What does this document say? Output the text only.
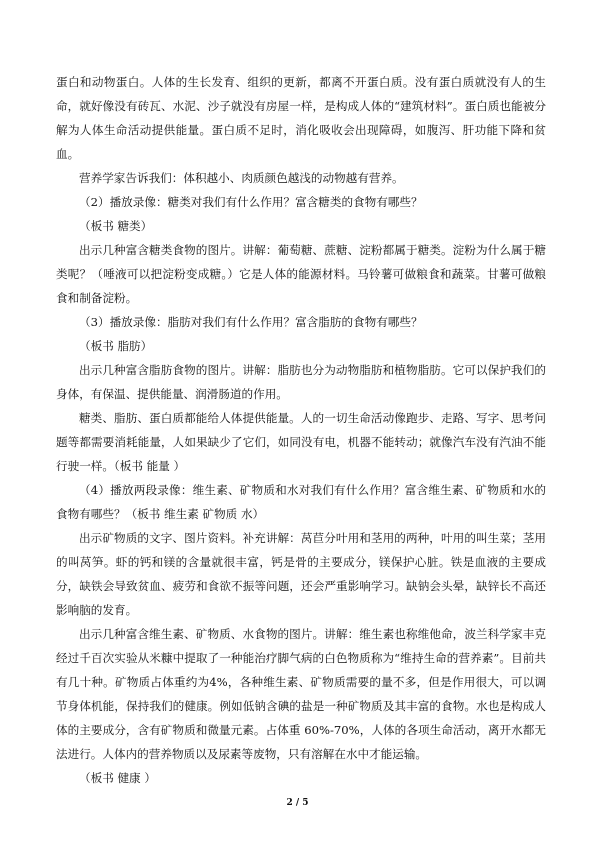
蛋白和动物蛋白。人体的生长发育、组织的更新，都离不开蛋白质。没有蛋白质就没有人的生命，就好像没有砖瓦、水泥、沙子就没有房屋一样，是构成人体的“建筑材料”。蛋白质也能被分解为人体生命活动提供能量。蛋白质不足时，消化吸收会出现障碍，如腹泻、肝功能下降和贫血。

营养学家告诉我们：体积越小、肉质颜色越浅的动物越有营养。

（2）播放录像：糖类对我们有什么作用？富含糖类的食物有哪些？

（板书 糖类）

出示几种富含糖类食物的图片。讲解：葡萄糖、蔗糖、淀粉都属于糖类。淀粉为什么属于糖类呢？（唾液可以把淀粉变成糖。）它是人体的能源材料。马铃薯可做粮食和蔬菜。甘薯可做粮食和制备淀粉。

（3）播放录像：脂肪对我们有什么作用？富含脂肪的食物有哪些？

（板书 脂肪）

出示几种富含脂肪食物的图片。讲解：脂肪也分为动物脂肪和植物脂肪。它可以保护我们的身体，有保温、提供能量、润滑肠道的作用。

糖类、脂肪、蛋白质都能给人体提供能量。人的一切生命活动像跑步、走路、写字、思考问题等都需要消耗能量，人如果缺少了它们，如同没有电，机器不能转动；就像汽车没有汽油不能行驶一样。（板书 能量 ）

（4）播放两段录像：维生素、矿物质和水对我们有什么作用？富含维生素、矿物质和水的食物有哪些？（板书 维生素 矿物质 水）

出示矿物质的文字、图片资料。补充讲解：莴苣分叶用和茎用的两种，叶用的叫生菜；茎用的叫莴笋。虾的钙和镁的含量就很丰富，钙是骨的主要成分，镁保护心脏。铁是血液的主要成分，缺铁会导致贫血、疲劳和食欲不振等问题，还会严重影响学习。缺钠会头晕，缺锌长不高还影响脑的发育。

出示几种富含维生素、矿物质、水食物的图片。讲解：维生素也称维他命，波兰科学家丰克经过千百次实验从米糠中提取了一种能治疗脚气病的白色物质称为“维持生命的营养素”。目前共有几十种。矿物质占体重约为4%，各种维生素、矿物质需要的量不多，但是作用很大，可以调节身体机能，保持我们的健康。例如低钠含碘的盐是一种矿物质及其丰富的食物。水也是构成人体的主要成分，含有矿物质和微量元素。占体重 60%-70%，人体的各项生命活动，离开水都无法进行。人体内的营养物质以及尿素等废物，只有溶解在水中才能运输。

（板书 健康 ）

2 / 5
